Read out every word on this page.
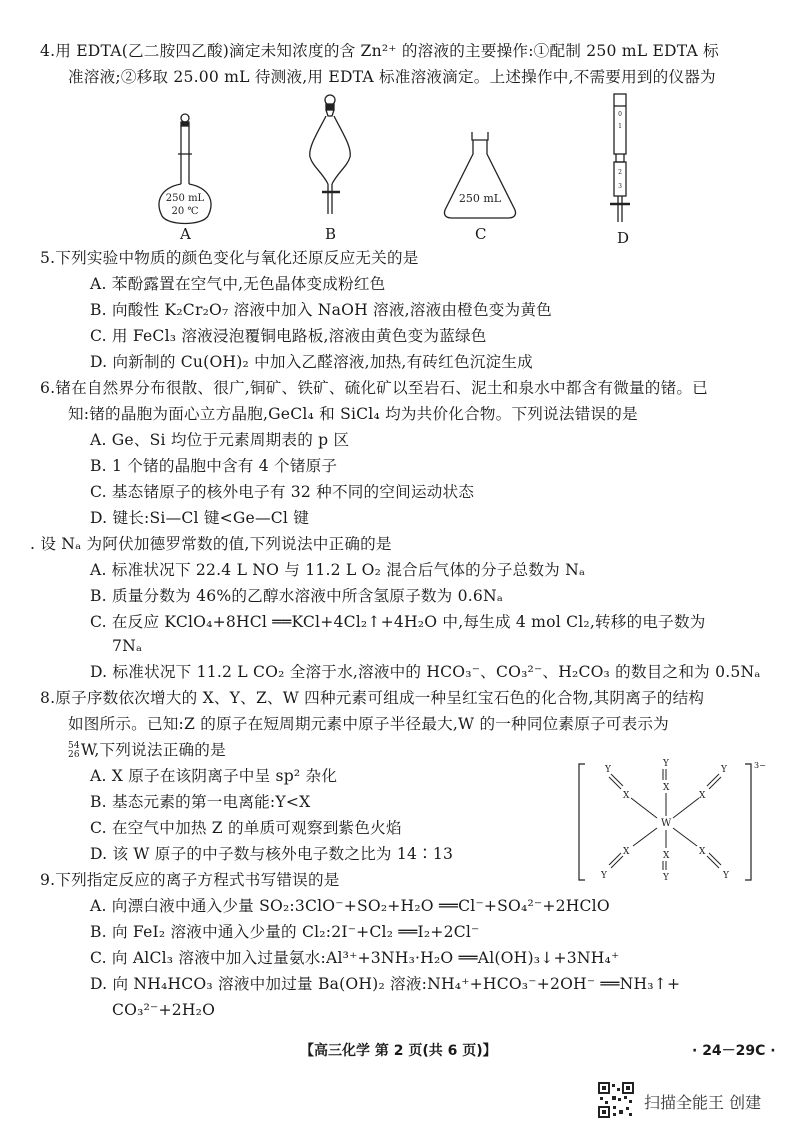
4.用 EDTA(乙二胺四乙酸)滴定未知浓度的含 Zn²⁺ 的溶液的主要操作:①配制 250 mL EDTA 标
准溶液;②移取 25.00 mL 待测液,用 EDTA 标准溶液滴定。上述操作中,不需要用到的仪器为
250 mL
20 ℃
250 mL
0
1
2
3
A	B	C	D
5.下列实验中物质的颜色变化与氧化还原反应无关的是
A. 苯酚露置在空气中,无色晶体变成粉红色
B. 向酸性 K₂Cr₂O₇ 溶液中加入 NaOH 溶液,溶液由橙色变为黄色
C. 用 FeCl₃ 溶液浸泡覆铜电路板,溶液由黄色变为蓝绿色
D. 向新制的 Cu(OH)₂ 中加入乙醛溶液,加热,有砖红色沉淀生成
6.锗在自然界分布很散、很广,铜矿、铁矿、硫化矿以至岩石、泥土和泉水中都含有微量的锗。已
知:锗的晶胞为面心立方晶胞,GeCl₄ 和 SiCl₄ 均为共价化合物。下列说法错误的是
A. Ge、Si 均位于元素周期表的 p 区
B. 1 个锗的晶胞中含有 4 个锗原子
C. 基态锗原子的核外电子有 32 种不同的空间运动状态
D. 键长:Si—Cl 键<Ge—Cl 键
. 设 Nₐ 为阿伏加德罗常数的值,下列说法中正确的是
A. 标准状况下 22.4 L NO 与 11.2 L O₂ 混合后气体的分子总数为 Nₐ
B. 质量分数为 46%的乙醇水溶液中所含氢原子数为 0.6Nₐ
C. 在反应 KClO₄+8HCl ══KCl+4Cl₂↑+4H₂O 中,每生成 4 mol Cl₂,转移的电子数为
7Nₐ
D. 标准状况下 11.2 L CO₂ 全溶于水,溶液中的 HCO₃⁻、CO₃²⁻、H₂CO₃ 的数目之和为 0.5Nₐ
8.原子序数依次增大的 X、Y、Z、W 四种元素可组成一种呈红宝石色的化合物,其阴离子的结构
如图所示。已知:Z 的原子在短周期元素中原子半径最大,W 的一种同位素原子可表示为
54
26 W,下列说法正确的是
A. X 原子在该阴离子中呈 sp² 杂化
B. 基态元素的第一电离能:Y<X
C. 在空气中加热 Z 的单质可观察到紫色火焰
D. 该 W 原子的中子数与核外电子数之比为 14∶13
3−
W
Y
X
X
Y
Y
X
Y
X
X
Y
X
Y
9.下列指定反应的离子方程式书写错误的是
A. 向漂白液中通入少量 SO₂:3ClO⁻+SO₂+H₂O ══Cl⁻+SO₄²⁻+2HClO
B. 向 FeI₂ 溶液中通入少量的 Cl₂:2I⁻+Cl₂ ══I₂+2Cl⁻
C. 向 AlCl₃ 溶液中加入过量氨水:Al³⁺+3NH₃·H₂O ══Al(OH)₃↓+3NH₄⁺
D. 向 NH₄HCO₃ 溶液中加过量 Ba(OH)₂ 溶液:NH₄⁺+HCO₃⁻+2OH⁻ ══NH₃↑+
CO₃²⁻+2H₂O
【高三化学 第 2 页(共 6 页)】	· 24－29C ·
扫描全能王 创建
